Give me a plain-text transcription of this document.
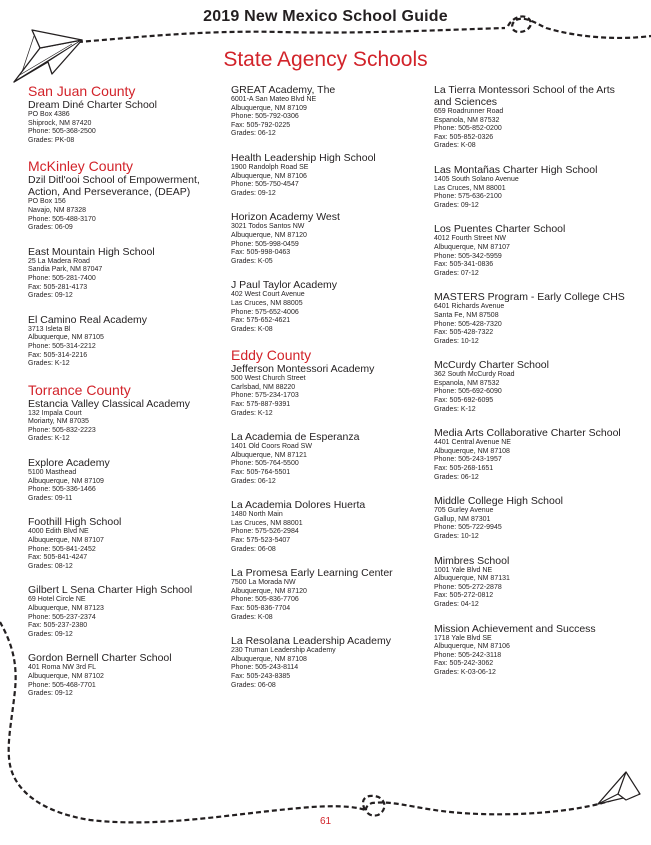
2019 New Mexico School Guide
State Agency Schools
San Juan County
Dream Diné Charter School
PO Box 4386
Shiprock, NM 87420
Phone: 505-368-2500
Grades: PK-08
McKinley County
Dzil Ditl'ooi School of Empowerment, Action, And Perseverance, (DEAP)
PO Box 156
Navajo, NM 87328
Phone: 505-488-3170
Grades: 06-09
East Mountain High School
25 La Madera Road
Sandia Park, NM 87047
Phone: 505-281-7400
Fax: 505-281-4173
Grades: 09-12
El Camino Real Academy
3713 Isleta Bl
Albuquerque, NM 87105
Phone: 505-314-2212
Fax: 505-314-2216
Grades: K-12
Torrance County
Estancia Valley Classical Academy
132 Impala Court
Moriarty, NM 87035
Phone: 505-832-2223
Grades: K-12
Explore Academy
5100 Masthead
Albuquerque, NM 87109
Phone: 505-336-1466
Grades: 09-11
Foothill High School
4000 Edith Blvd NE
Albuquerque, NM 87107
Phone: 505-841-2452
Fax: 505-841-4247
Grades: 08-12
Gilbert L Sena Charter High School
69 Hotel Circle NE
Albuquerque, NM 87123
Phone: 505-237-2374
Fax: 505-237-2380
Grades: 09-12
Gordon Bernell Charter School
401 Roma NW 3rd FL
Albuquerque, NM 87102
Phone: 505-468-7701
Grades: 09-12
GREAT Academy, The
6001-A San Mateo Blvd NE
Albuquerque, NM 87109
Phone: 505-792-0306
Fax: 505-792-0225
Grades: 06-12
Health Leadership High School
1900 Randolph Road SE
Albuquerque, NM 87106
Phone: 505-750-4547
Grades: 09-12
Horizon Academy West
3021 Todos Santos NW
Albuquerque, NM 87120
Phone: 505-998-0459
Fax: 505-998-0463
Grades: K-05
J Paul Taylor Academy
402 West Court Avenue
Las Cruces, NM 88005
Phone: 575-652-4006
Fax: 575-652-4621
Grades: K-08
Eddy County
Jefferson Montessori Academy
500 West Church Street
Carlsbad, NM 88220
Phone: 575-234-1703
Fax: 575-887-9391
Grades: K-12
La Academia de Esperanza
1401 Old Coors Road SW
Albuquerque, NM 87121
Phone: 505-764-5500
Fax: 505-764-5501
Grades: 06-12
La Academia Dolores Huerta
1480 North Main
Las Cruces, NM 88001
Phone: 575-526-2984
Fax: 575-523-5407
Grades: 06-08
La Promesa Early Learning Center
7500 La Morada NW
Albuquerque, NM 87120
Phone: 505-836-7706
Fax: 505-836-7704
Grades: K-08
La Resolana Leadership Academy
230 Truman Leadership Academy
Albuquerque, NM 87108
Phone: 505-243-8114
Fax: 505-243-8385
Grades: 06-08
La Tierra Montessori School of the Arts and Sciences
659 Roadrunner Road
Espanola, NM 87532
Phone: 505-852-0200
Fax: 505-852-0326
Grades: K-08
Las Montañas Charter High School
1405 South Solano Avenue
Las Cruces, NM 88001
Phone: 575-636-2100
Grades: 09-12
Los Puentes Charter School
4012 Fourth Street NW
Albuquerque, NM 87107
Phone: 505-342-5959
Fax: 505-341-0836
Grades: 07-12
MASTERS Program - Early College CHS
6401 Richards Avenue
Santa Fe, NM 87508
Phone: 505-428-7320
Fax: 505-428-7322
Grades: 10-12
McCurdy Charter School
362 South McCurdy Road
Espanola, NM 87532
Phone: 505-692-6090
Fax: 505-692-6095
Grades: K-12
Media Arts Collaborative Charter School
4401 Central Avenue NE
Albuquerque, NM 87108
Phone: 505-243-1957
Fax: 505-268-1651
Grades: 06-12
Middle College High School
705 Gurley Avenue
Gallup, NM 87301
Phone: 505-722-9945
Grades: 10-12
Mimbres School
1001 Yale Blvd NE
Albuquerque, NM 87131
Phone: 505-272-2878
Fax: 505-272-0812
Grades: 04-12
Mission Achievement and Success
1718 Yale Blvd SE
Albuquerque, NM 87106
Phone: 505-242-3118
Fax: 505-242-3062
Grades: K-03-06-12
61
